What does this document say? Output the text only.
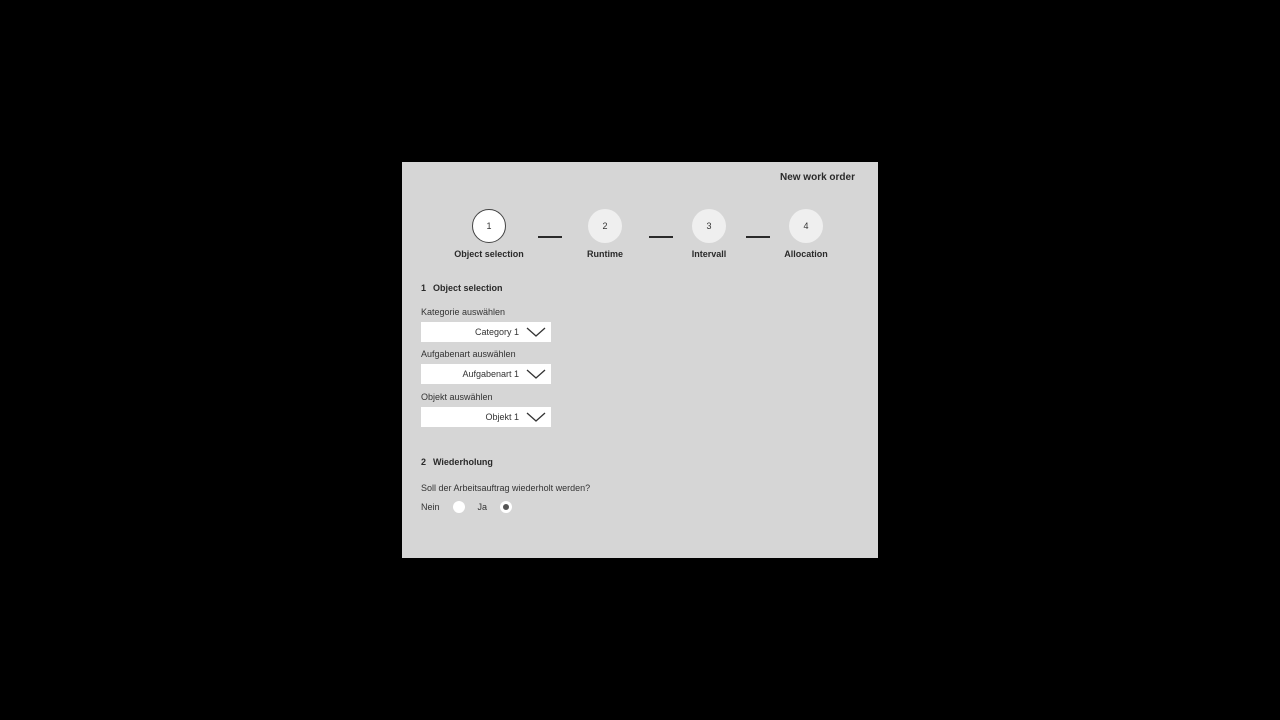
New work order
1
Object selection
2
Runtime
3
Intervall
4
Allocation
1 Object selection
Kategorie auswählen
Category 1
Aufgabenart auswählen
Aufgabenart 1
Objekt auswählen
Objekt 1
2 Wiederholung
Soll der Arbeitsauftrag wiederholt werden?
Nein	Ja
